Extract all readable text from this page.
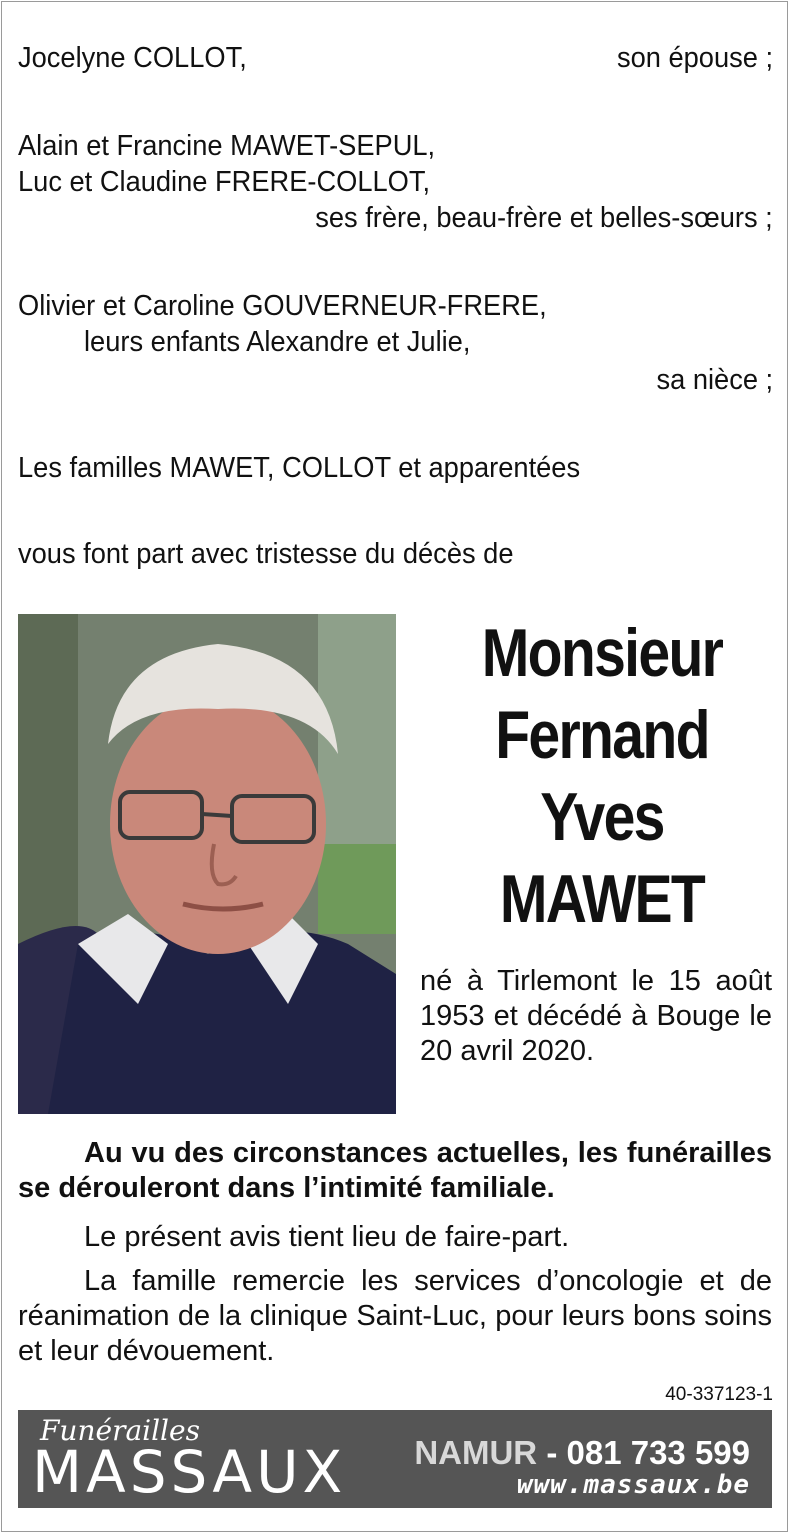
Jocelyne COLLOT,	son épouse ;
Alain et Francine MAWET-SEPUL,
Luc et Claudine FRERE-COLLOT,
ses frère, beau-frère et belles-sœurs ;
Olivier et Caroline GOUVERNEUR-FRERE,
leurs enfants Alexandre et Julie,
sa nièce ;
Les familles MAWET, COLLOT et apparentées
vous font part avec tristesse du décès de
Monsieur
Fernand
Yves
MAWET
né à Tirlemont le 15 août 1953 et décédé à Bouge le 20 avril 2020.
Au vu des circonstances actuelles, les funérailles se dérouleront dans l’intimité familiale.
Le présent avis tient lieu de faire-part.
La famille remercie les services d’oncologie et de réanimation de la clinique Saint-Luc, pour leurs bons soins et leur dévouement.
40-337123-1
Funérailles
MASSAUX NAMUR - 081 733 599
www.massaux.be
